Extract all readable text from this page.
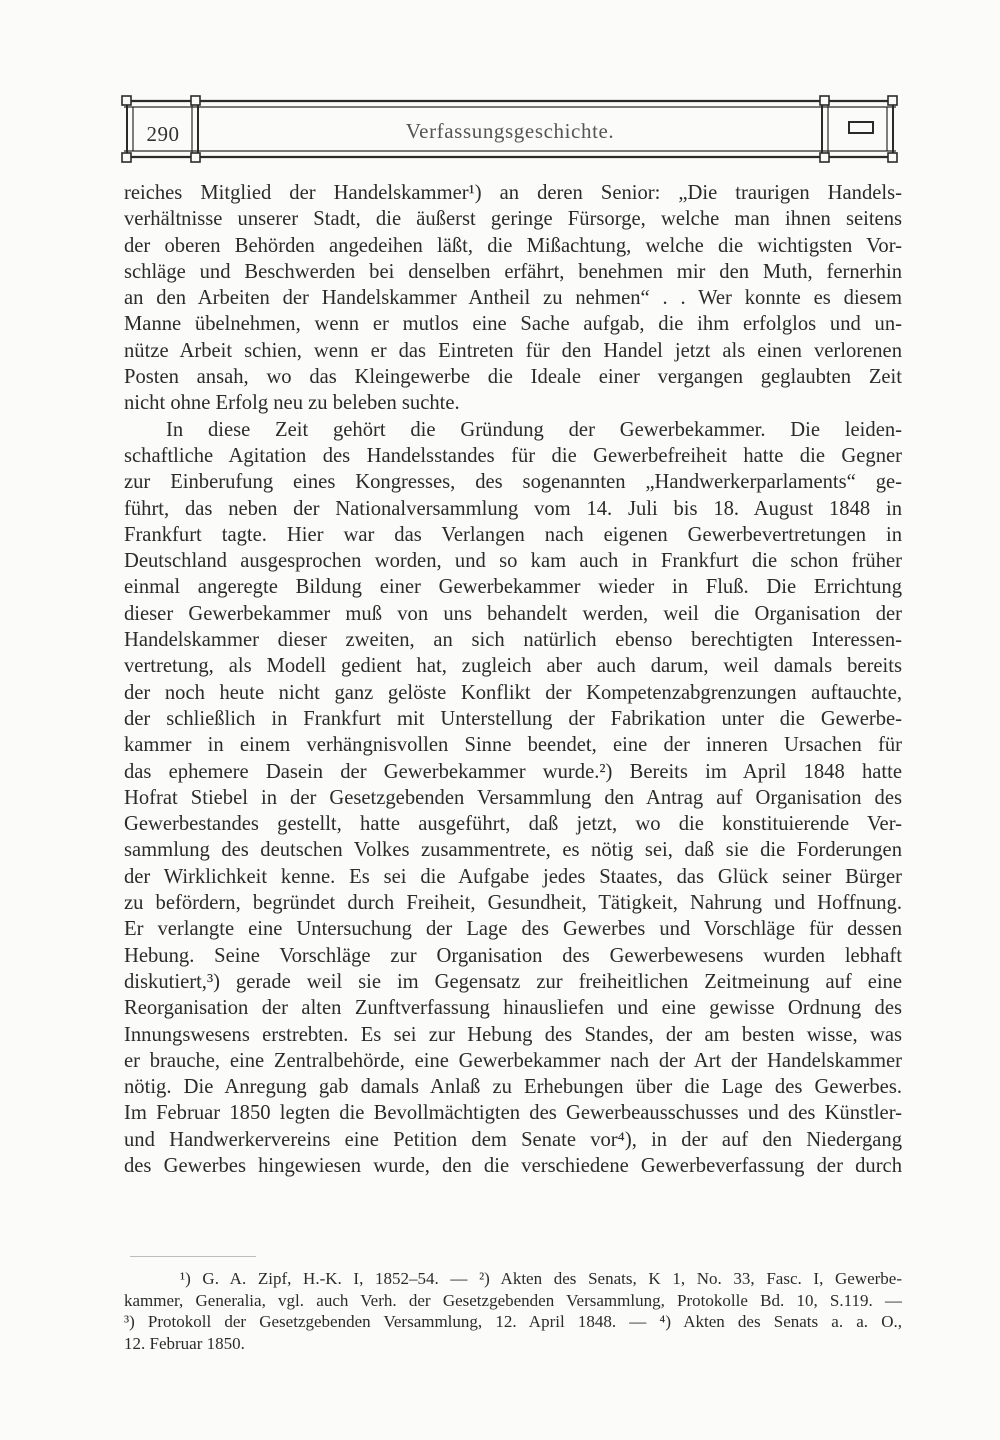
290	Verfassungsgeschichte.
reiches Mitglied der Handelskammer¹) an deren Senior: „Die traurigen Handels-
verhältnisse unserer Stadt, die äußerst geringe Fürsorge, welche man ihnen seitens
der oberen Behörden angedeihen läßt, die Mißachtung, welche die wichtigsten Vor-
schläge und Beschwerden bei denselben erfährt, benehmen mir den Muth, fernerhin
an den Arbeiten der Handelskammer Antheil zu nehmen“ . . Wer konnte es diesem
Manne übelnehmen, wenn er mutlos eine Sache aufgab, die ihm erfolglos und un-
nütze Arbeit schien, wenn er das Eintreten für den Handel jetzt als einen verlorenen
Posten ansah, wo das Kleingewerbe die Ideale einer vergangen geglaubten Zeit
nicht ohne Erfolg neu zu beleben suchte.
In diese Zeit gehört die Gründung der Gewerbekammer. Die leiden-
schaftliche Agitation des Handelsstandes für die Gewerbefreiheit hatte die Gegner
zur Einberufung eines Kongresses, des sogenannten „Handwerkerparlaments“ ge-
führt, das neben der Nationalversammlung vom 14. Juli bis 18. August 1848 in
Frankfurt tagte. Hier war das Verlangen nach eigenen Gewerbevertretungen in
Deutschland ausgesprochen worden, und so kam auch in Frankfurt die schon früher
einmal angeregte Bildung einer Gewerbekammer wieder in Fluß. Die Errichtung
dieser Gewerbekammer muß von uns behandelt werden, weil die Organisation der
Handelskammer dieser zweiten, an sich natürlich ebenso berechtigten Interessen-
vertretung, als Modell gedient hat, zugleich aber auch darum, weil damals bereits
der noch heute nicht ganz gelöste Konflikt der Kompetenzabgrenzungen auftauchte,
der schließlich in Frankfurt mit Unterstellung der Fabrikation unter die Gewerbe-
kammer in einem verhängnisvollen Sinne beendet, eine der inneren Ursachen für
das ephemere Dasein der Gewerbekammer wurde.²) Bereits im April 1848 hatte
Hofrat Stiebel in der Gesetzgebenden Versammlung den Antrag auf Organisation des
Gewerbestandes gestellt, hatte ausgeführt, daß jetzt, wo die konstituierende Ver-
sammlung des deutschen Volkes zusammentrete, es nötig sei, daß sie die Forderungen
der Wirklichkeit kenne. Es sei die Aufgabe jedes Staates, das Glück seiner Bürger
zu befördern, begründet durch Freiheit, Gesundheit, Tätigkeit, Nahrung und Hoffnung.
Er verlangte eine Untersuchung der Lage des Gewerbes und Vorschläge für dessen
Hebung. Seine Vorschläge zur Organisation des Gewerbewesens wurden lebhaft
diskutiert,³) gerade weil sie im Gegensatz zur freiheitlichen Zeitmeinung auf eine
Reorganisation der alten Zunftverfassung hinausliefen und eine gewisse Ordnung des
Innungswesens erstrebten. Es sei zur Hebung des Standes, der am besten wisse, was
er brauche, eine Zentralbehörde, eine Gewerbekammer nach der Art der Handelskammer
nötig. Die Anregung gab damals Anlaß zu Erhebungen über die Lage des Gewerbes.
Im Februar 1850 legten die Bevollmächtigten des Gewerbeausschusses und des Künstler-
und Handwerkervereins eine Petition dem Senate vor⁴), in der auf den Niedergang
des Gewerbes hingewiesen wurde, den die verschiedene Gewerbeverfassung der durch
¹) G. A. Zipf, H.-K. I, 1852–54. — ²) Akten des Senats, K 1, No. 33, Fasc. I, Gewerbe-
kammer, Generalia, vgl. auch Verh. der Gesetzgebenden Versammlung, Protokolle Bd. 10, S.119. —
³) Protokoll der Gesetzgebenden Versammlung, 12. April 1848. — ⁴) Akten des Senats a. a. O.,
12. Februar 1850.
